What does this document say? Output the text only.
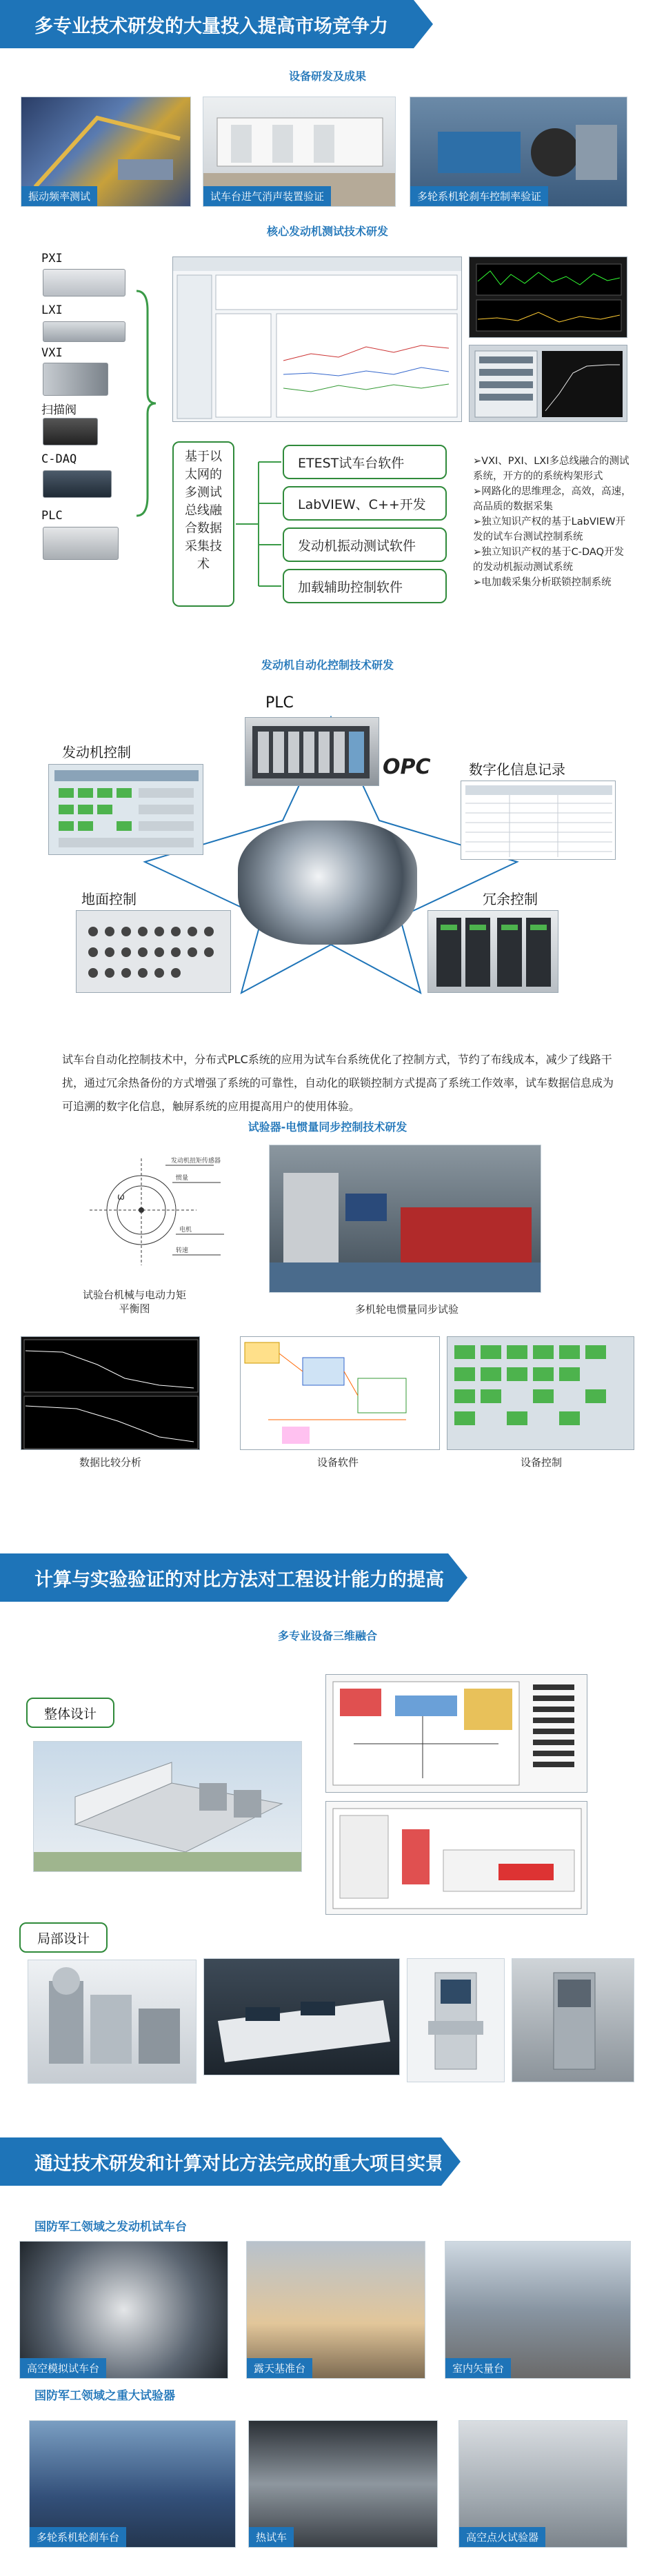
多专业技术研发的大量投入提高市场竞争力
设备研发及成果
振动频率测试	试车台进气消声装置验证	多轮系机轮刹车控制率验证
核心发动机测试技术研发
PXI
LXI
VXI
扫描阀
C-DAQ
PLC
基于以太网的多测试总线融合数据采集技术
ETEST试车台软件
LabVIEW、C++开发
发动机振动测试软件
加载辅助控制软件
➢VXI、PXI、LXI多总线融合的测试系统，开方的的系统构架形式
➢网路化的思维理念，高效，高速，高品质的数据采集
➢独立知识产权的基于LabVIEW开发的试车台测试控制系统
➢独立知识产权的基于C-DAQ开发的发动机振动测试系统
➢电加载采集分析联锁控制系统
发动机自动化控制技术研发
PLC
OPC
发动机控制
数字化信息记录
地面控制	冗余控制
试车台自动化控制技术中，分布式PLC系统的应用为试车台系统优化了控制方式，节约了布线成本，减少了线路干扰，通过冗余热备份的方式增强了系统的可靠性，自动化的联锁控制方式提高了系统工作效率，试车数据信息成为可追溯的数字化信息，触屏系统的应用提高用户的使用体验。
试验器-电惯量同步控制技术研发
发动机扭矩传感器
惯量
电机
转速
ω
试验台机械与电动力矩平衡图	多机轮电惯量同步试验
数据比较分析	设备软件	设备控制
计算与实验验证的对比方法对工程设计能力的提高
多专业设备三维融合
整体设计
局部设计
通过技术研发和计算对比方法完成的重大项目实景图
国防军工领域之发动机试车台
高空模拟试车台	露天基准台	室内矢量台
国防军工领域之重大试验器
多轮系机轮刹车台	热试车	高空点火试验器
